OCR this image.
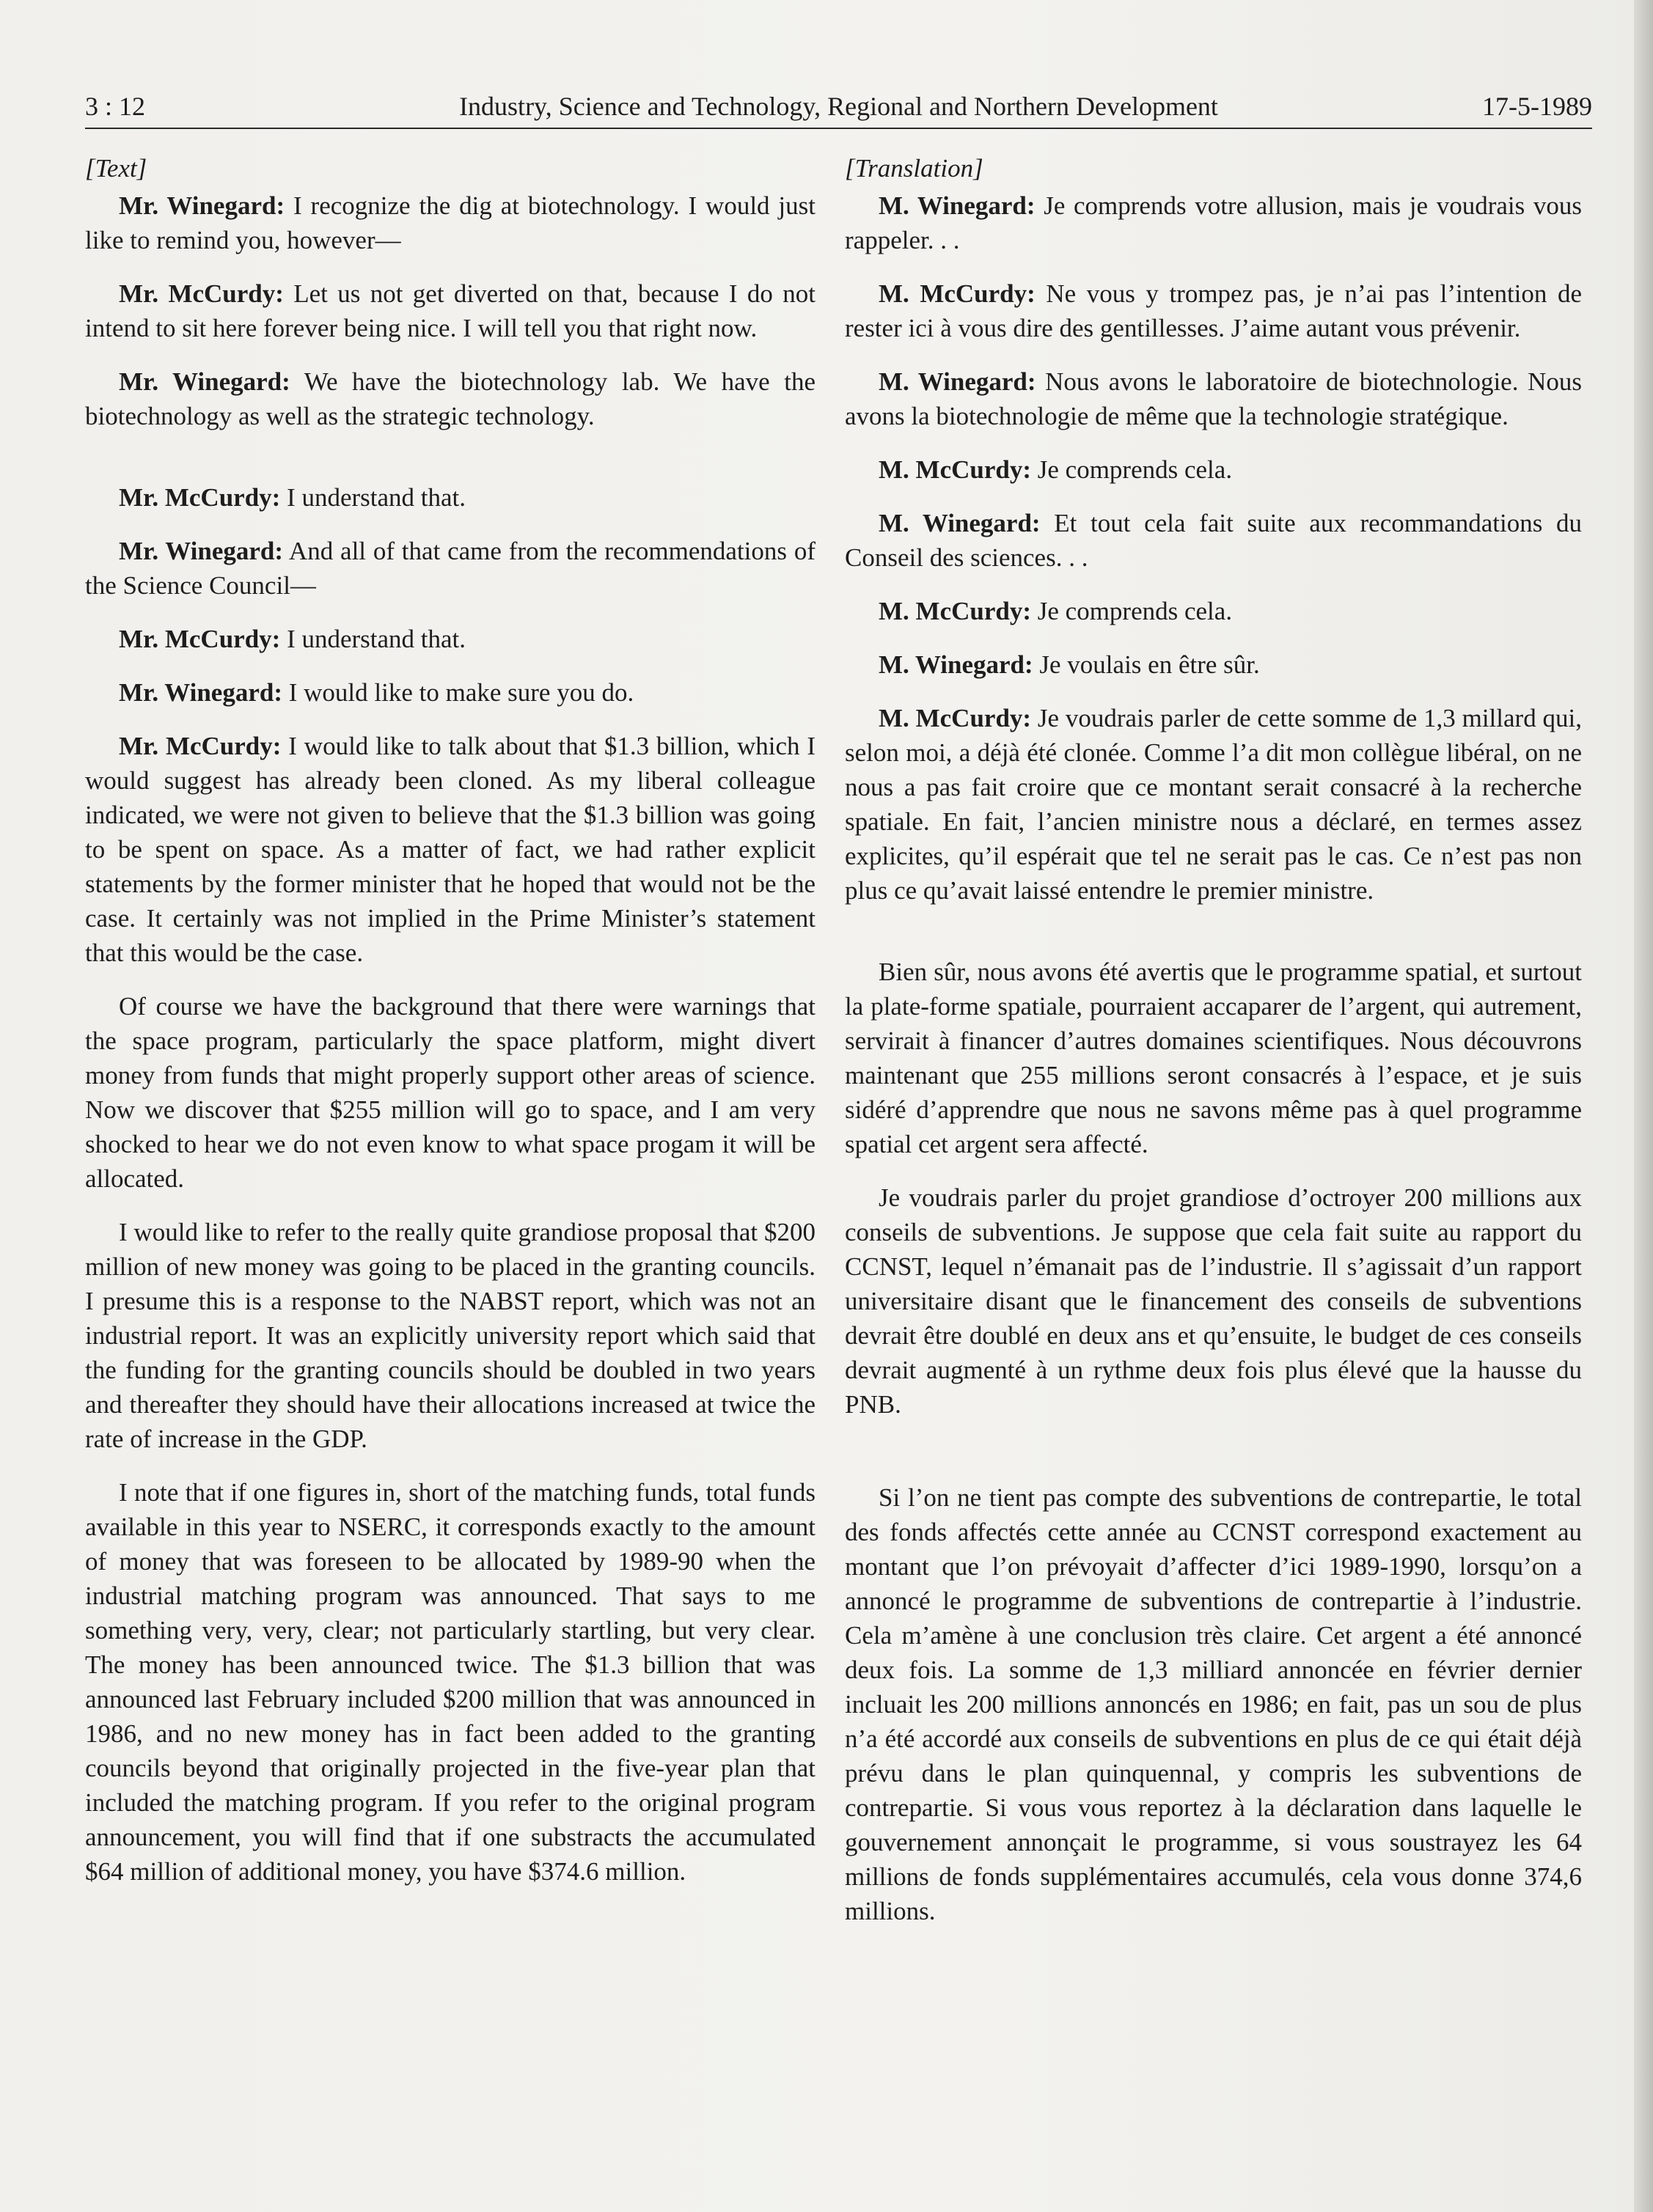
3 : 12	Industry, Science and Technology, Regional and Northern Development	17-5-1989

[Text]

Mr. Winegard: I recognize the dig at biotechnology. I would just like to remind you, however—

Mr. McCurdy: Let us not get diverted on that, because I do not intend to sit here forever being nice. I will tell you that right now.

Mr. Winegard: We have the biotechnology lab. We have the biotechnology as well as the strategic technology.

Mr. McCurdy: I understand that.

Mr. Winegard: And all of that came from the recommendations of the Science Council—

Mr. McCurdy: I understand that.

Mr. Winegard: I would like to make sure you do.

Mr. McCurdy: I would like to talk about that $1.3 billion, which I would suggest has already been cloned. As my liberal colleague indicated, we were not given to believe that the $1.3 billion was going to be spent on space. As a matter of fact, we had rather explicit statements by the former minister that he hoped that would not be the case. It certainly was not implied in the Prime Minister’s statement that this would be the case.

Of course we have the background that there were warnings that the space program, particularly the space platform, might divert money from funds that might properly support other areas of science. Now we discover that $255 million will go to space, and I am very shocked to hear we do not even know to what space progam it will be allocated.

I would like to refer to the really quite grandiose proposal that $200 million of new money was going to be placed in the granting councils. I presume this is a response to the NABST report, which was not an industrial report. It was an explicitly university report which said that the funding for the granting councils should be doubled in two years and thereafter they should have their allocations increased at twice the rate of increase in the GDP.

I note that if one figures in, short of the matching funds, total funds available in this year to NSERC, it corresponds exactly to the amount of money that was foreseen to be allocated by 1989-90 when the industrial matching program was announced. That says to me something very, very, clear; not particularly startling, but very clear. The money has been announced twice. The $1.3 billion that was announced last February included $200 million that was announced in 1986, and no new money has in fact been added to the granting councils beyond that originally projected in the five-year plan that included the matching program. If you refer to the original program announcement, you will find that if one substracts the accumulated $64 million of additional money, you have $374.6 million.

[Translation]

M. Winegard: Je comprends votre allusion, mais je voudrais vous rappeler. . .

M. McCurdy: Ne vous y trompez pas, je n’ai pas l’intention de rester ici à vous dire des gentillesses. J’aime autant vous prévenir.

M. Winegard: Nous avons le laboratoire de biotechnologie. Nous avons la biotechnologie de même que la technologie stratégique.

M. McCurdy: Je comprends cela.

M. Winegard: Et tout cela fait suite aux recommandations du Conseil des sciences. . .

M. McCurdy: Je comprends cela.

M. Winegard: Je voulais en être sûr.

M. McCurdy: Je voudrais parler de cette somme de 1,3 millard qui, selon moi, a déjà été clonée. Comme l’a dit mon collègue libéral, on ne nous a pas fait croire que ce montant serait consacré à la recherche spatiale. En fait, l’ancien ministre nous a déclaré, en termes assez explicites, qu’il espérait que tel ne serait pas le cas. Ce n’est pas non plus ce qu’avait laissé entendre le premier ministre.

Bien sûr, nous avons été avertis que le programme spatial, et surtout la plate-forme spatiale, pourraient accaparer de l’argent, qui autrement, servirait à financer d’autres domaines scientifiques. Nous découvrons maintenant que 255 millions seront consacrés à l’espace, et je suis sidéré d’apprendre que nous ne savons même pas à quel programme spatial cet argent sera affecté.

Je voudrais parler du projet grandiose d’octroyer 200 millions aux conseils de subventions. Je suppose que cela fait suite au rapport du CCNST, lequel n’émanait pas de l’industrie. Il s’agissait d’un rapport universitaire disant que le financement des conseils de subventions devrait être doublé en deux ans et qu’ensuite, le budget de ces conseils devrait augmenté à un rythme deux fois plus élevé que la hausse du PNB.

Si l’on ne tient pas compte des subventions de contrepartie, le total des fonds affectés cette année au CCNST correspond exactement au montant que l’on prévoyait d’affecter d’ici 1989-1990, lorsqu’on a annoncé le programme de subventions de contrepartie à l’industrie. Cela m’amène à une conclusion très claire. Cet argent a été annoncé deux fois. La somme de 1,3 milliard annoncée en février dernier incluait les 200 millions annoncés en 1986; en fait, pas un sou de plus n’a été accordé aux conseils de subventions en plus de ce qui était déjà prévu dans le plan quinquennal, y compris les subventions de contrepartie. Si vous vous reportez à la déclaration dans laquelle le gouvernement annonçait le programme, si vous soustrayez les 64 millions de fonds supplémentaires accumulés, cela vous donne 374,6 millions.
